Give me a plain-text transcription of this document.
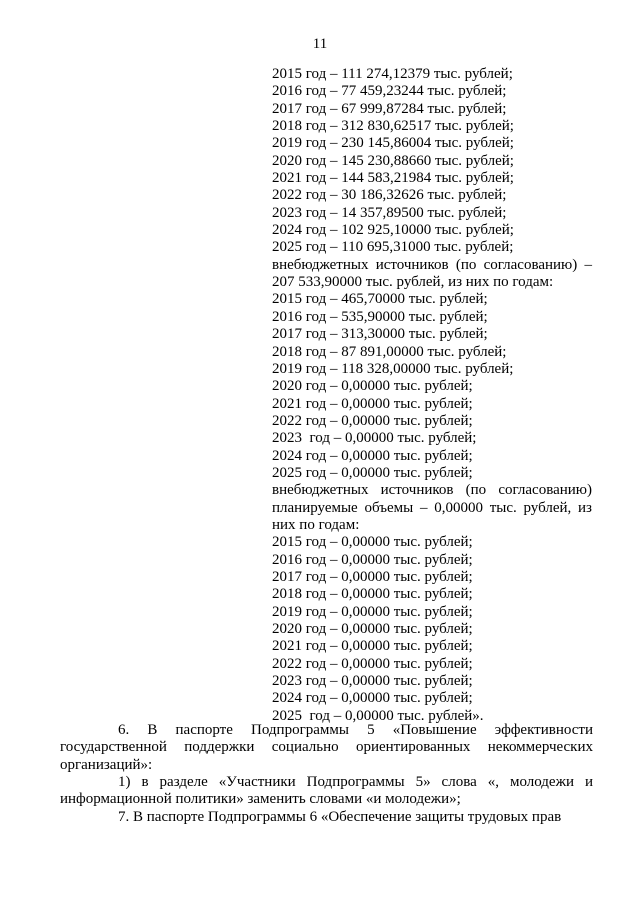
11
2015 год – 111 274,12379 тыс. рублей;
2016 год – 77 459,23244 тыс. рублей;
2017 год – 67 999,87284 тыс. рублей;
2018 год – 312 830,62517 тыс. рублей;
2019 год – 230 145,86004 тыс. рублей;
2020 год – 145 230,88660 тыс. рублей;
2021 год – 144 583,21984 тыс. рублей;
2022 год – 30 186,32626 тыс. рублей;
2023 год – 14 357,89500 тыс. рублей;
2024 год – 102 925,10000 тыс. рублей;
2025 год – 110 695,31000 тыс. рублей;
внебюджетных источников (по согласованию) – 207 533,90000 тыс. рублей, из них по годам:
2015 год – 465,70000 тыс. рублей;
2016 год – 535,90000 тыс. рублей;
2017 год – 313,30000 тыс. рублей;
2018 год – 87 891,00000 тыс. рублей;
2019 год – 118 328,00000 тыс. рублей;
2020 год – 0,00000 тыс. рублей;
2021 год – 0,00000 тыс. рублей;
2022 год – 0,00000 тыс. рублей;
2023  год – 0,00000 тыс. рублей;
2024 год – 0,00000 тыс. рублей;
2025 год – 0,00000 тыс. рублей;
внебюджетных источников (по согласованию) планируемые объемы – 0,00000 тыс. рублей, из них по годам:
2015 год – 0,00000 тыс. рублей;
2016 год – 0,00000 тыс. рублей;
2017 год – 0,00000 тыс. рублей;
2018 год – 0,00000 тыс. рублей;
2019 год – 0,00000 тыс. рублей;
2020 год – 0,00000 тыс. рублей;
2021 год – 0,00000 тыс. рублей;
2022 год – 0,00000 тыс. рублей;
2023 год – 0,00000 тыс. рублей;
2024 год – 0,00000 тыс. рублей;
2025  год – 0,00000 тыс. рублей».

6. В паспорте Подпрограммы 5 «Повышение эффективности государственной поддержки социально ориентированных некоммерческих организаций»:

1) в разделе «Участники Подпрограммы 5» слова «, молодежи и информационной политики» заменить словами «и молодежи»;

7. В паспорте Подпрограммы 6 «Обеспечение защиты трудовых прав
